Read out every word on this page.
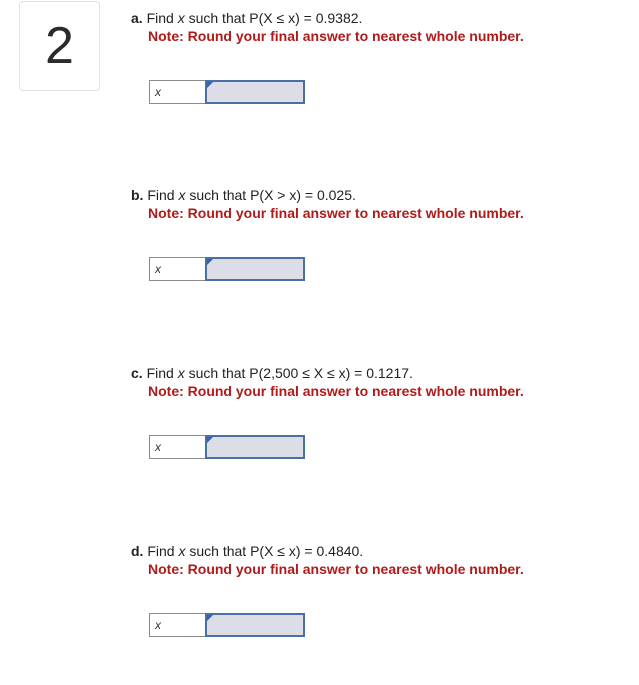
2	a. Find x such that P(X ≤ x) = 0.9382.
Note: Round your final answer to nearest whole number.
x
b. Find x such that P(X > x) = 0.025.
Note: Round your final answer to nearest whole number.
x
c. Find x such that P(2,500 ≤ X ≤ x) = 0.1217.
Note: Round your final answer to nearest whole number.
x
d. Find x such that P(X ≤ x) = 0.4840.
Note: Round your final answer to nearest whole number.
x
